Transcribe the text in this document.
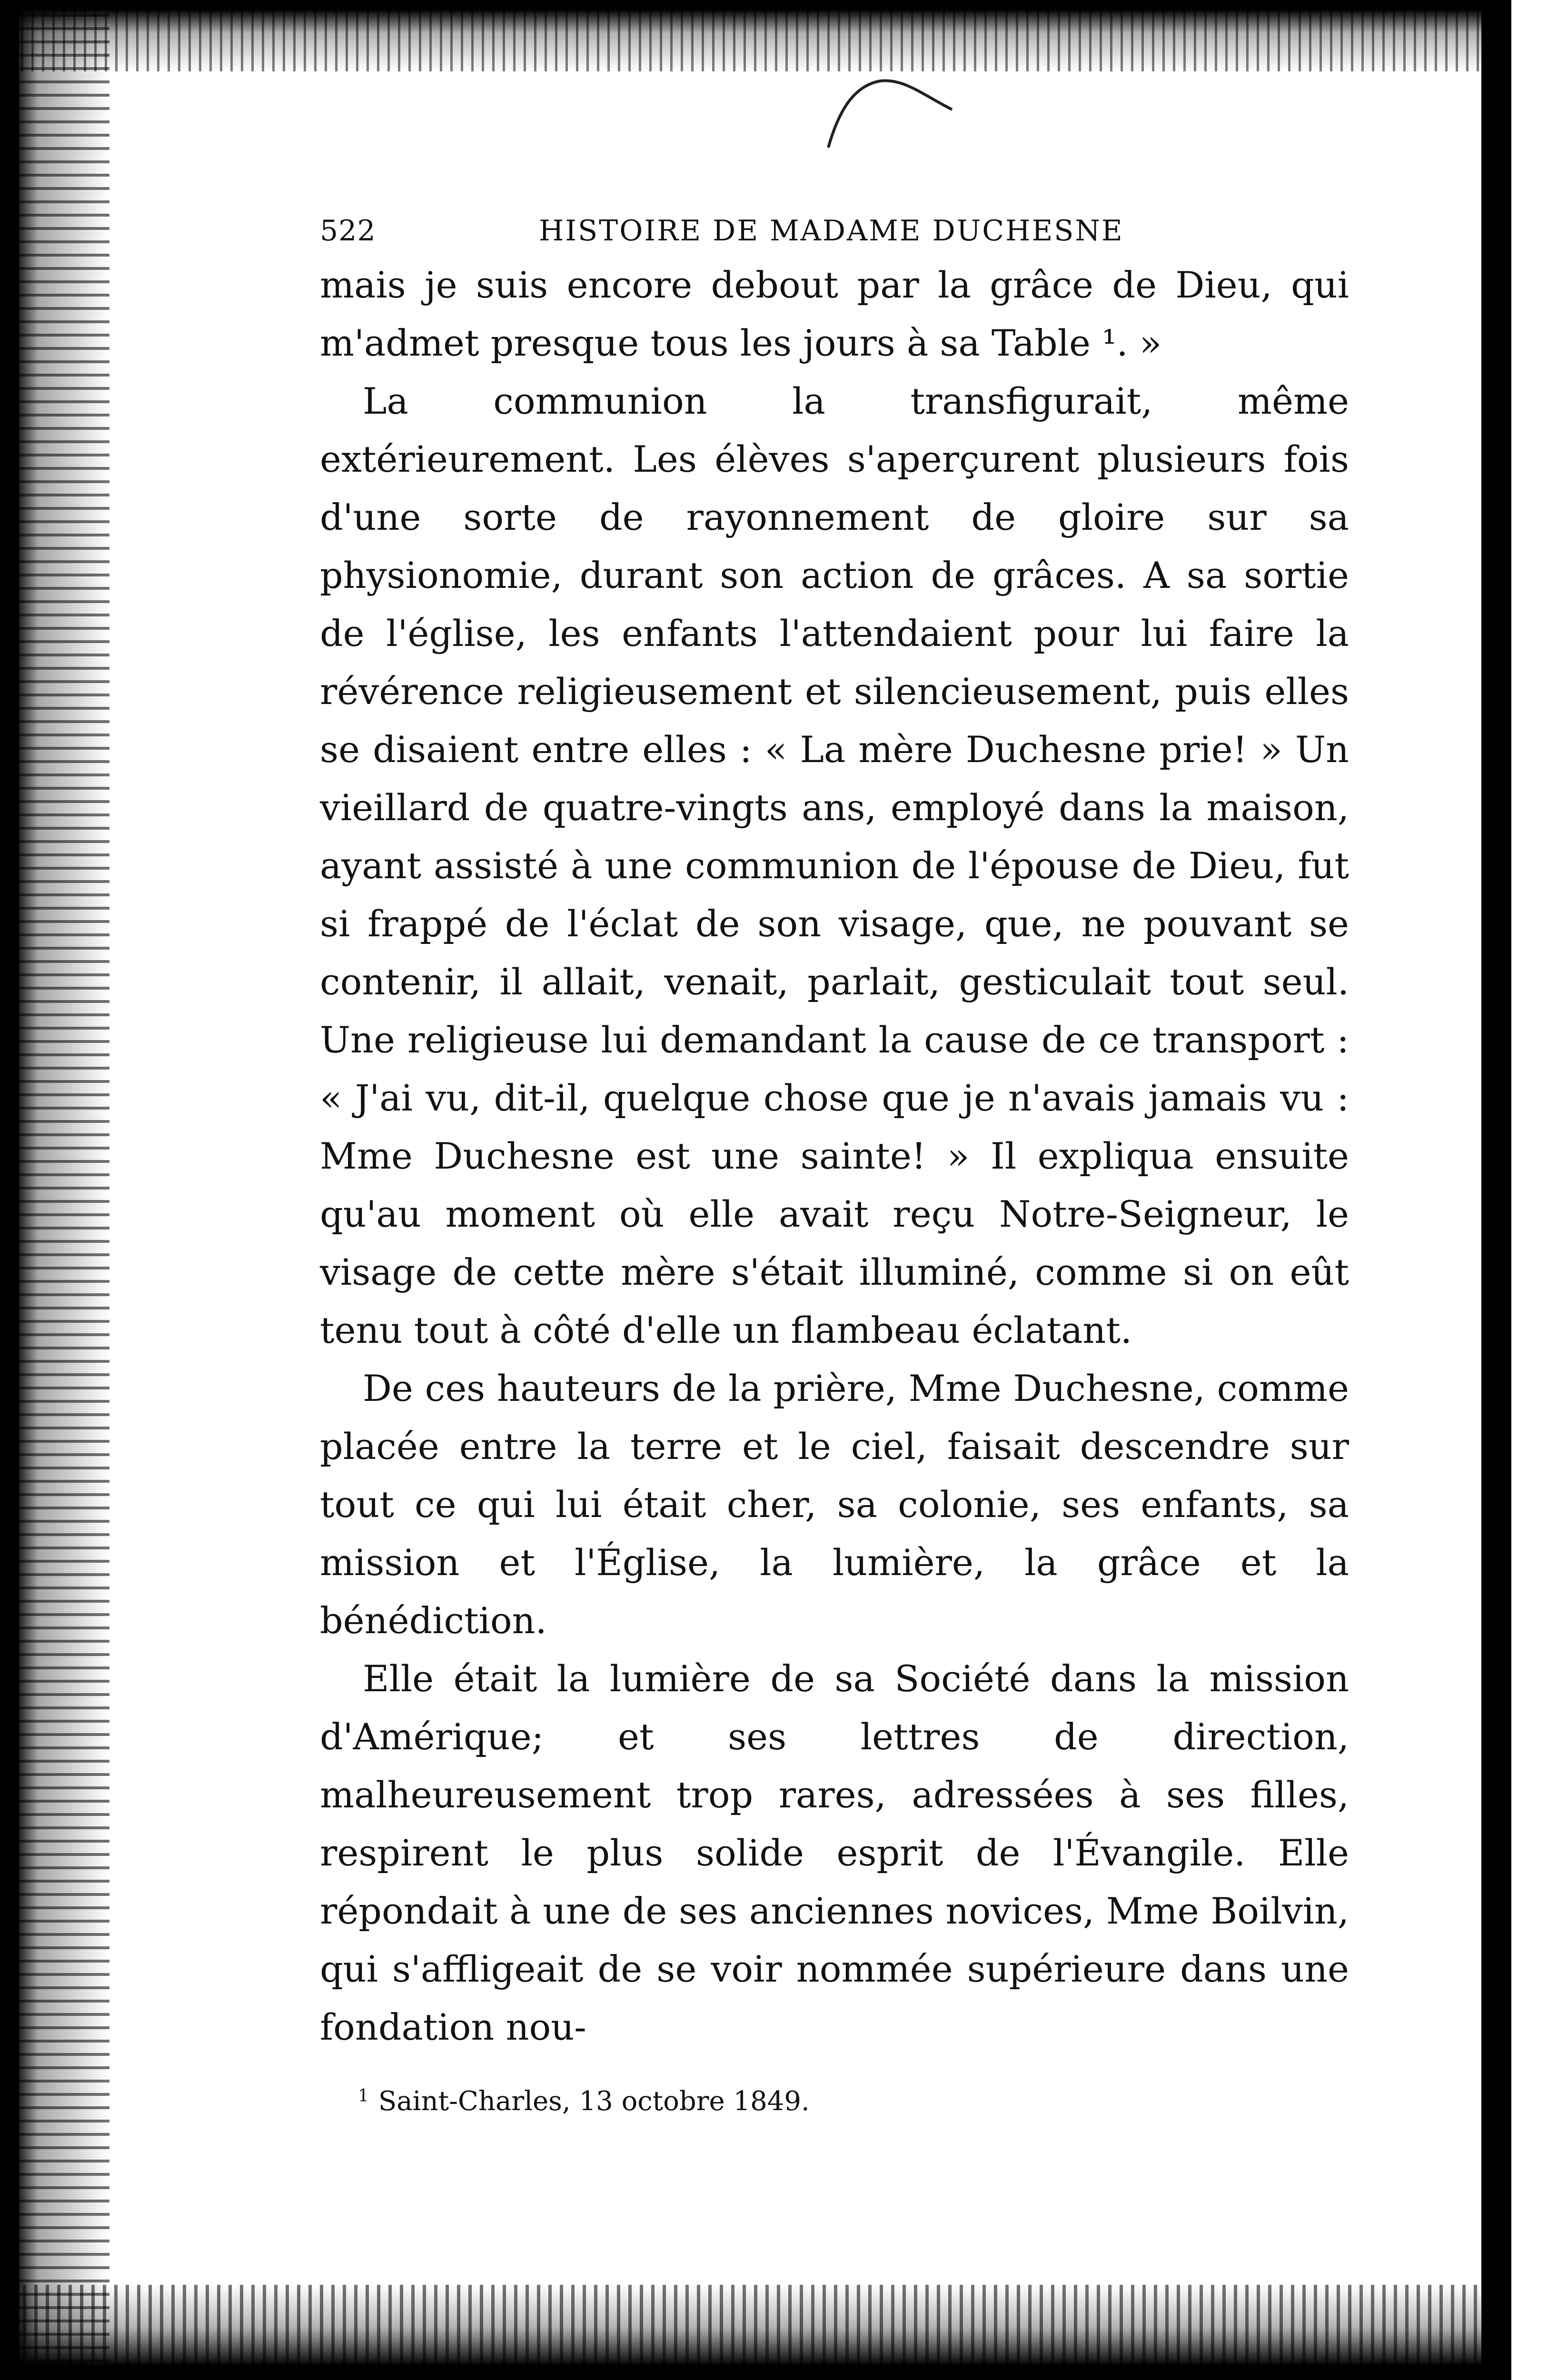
522	HISTOIRE DE MADAME DUCHESNE

mais je suis encore debout par la grâce de Dieu, qui m'admet presque tous les jours à sa Table ¹. »

La communion la transfigurait, même extérieurement. Les élèves s'aperçurent plusieurs fois d'une sorte de rayonnement de gloire sur sa physionomie, durant son action de grâces. A sa sortie de l'église, les enfants l'attendaient pour lui faire la révérence religieusement et silencieusement, puis elles se disaient entre elles : « La mère Duchesne prie! » Un vieillard de quatre-vingts ans, employé dans la maison, ayant assisté à une communion de l'épouse de Dieu, fut si frappé de l'éclat de son visage, que, ne pouvant se contenir, il allait, venait, parlait, gesticulait tout seul. Une religieuse lui demandant la cause de ce transport : « J'ai vu, dit-il, quelque chose que je n'avais jamais vu : Mme Duchesne est une sainte! » Il expliqua ensuite qu'au moment où elle avait reçu Notre-Seigneur, le visage de cette mère s'était illuminé, comme si on eût tenu tout à côté d'elle un flambeau éclatant.

De ces hauteurs de la prière, Mme Duchesne, comme placée entre la terre et le ciel, faisait descendre sur tout ce qui lui était cher, sa colonie, ses enfants, sa mission et l'Église, la lumière, la grâce et la bénédiction.

Elle était la lumière de sa Société dans la mission d'Amérique; et ses lettres de direction, malheureusement trop rares, adressées à ses filles, respirent le plus solide esprit de l'Évangile. Elle répondait à une de ses anciennes novices, Mme Boilvin, qui s'affligeait de se voir nommée supérieure dans une fondation nou-

$^1$ Saint-Charles, 13 octobre 1849.
